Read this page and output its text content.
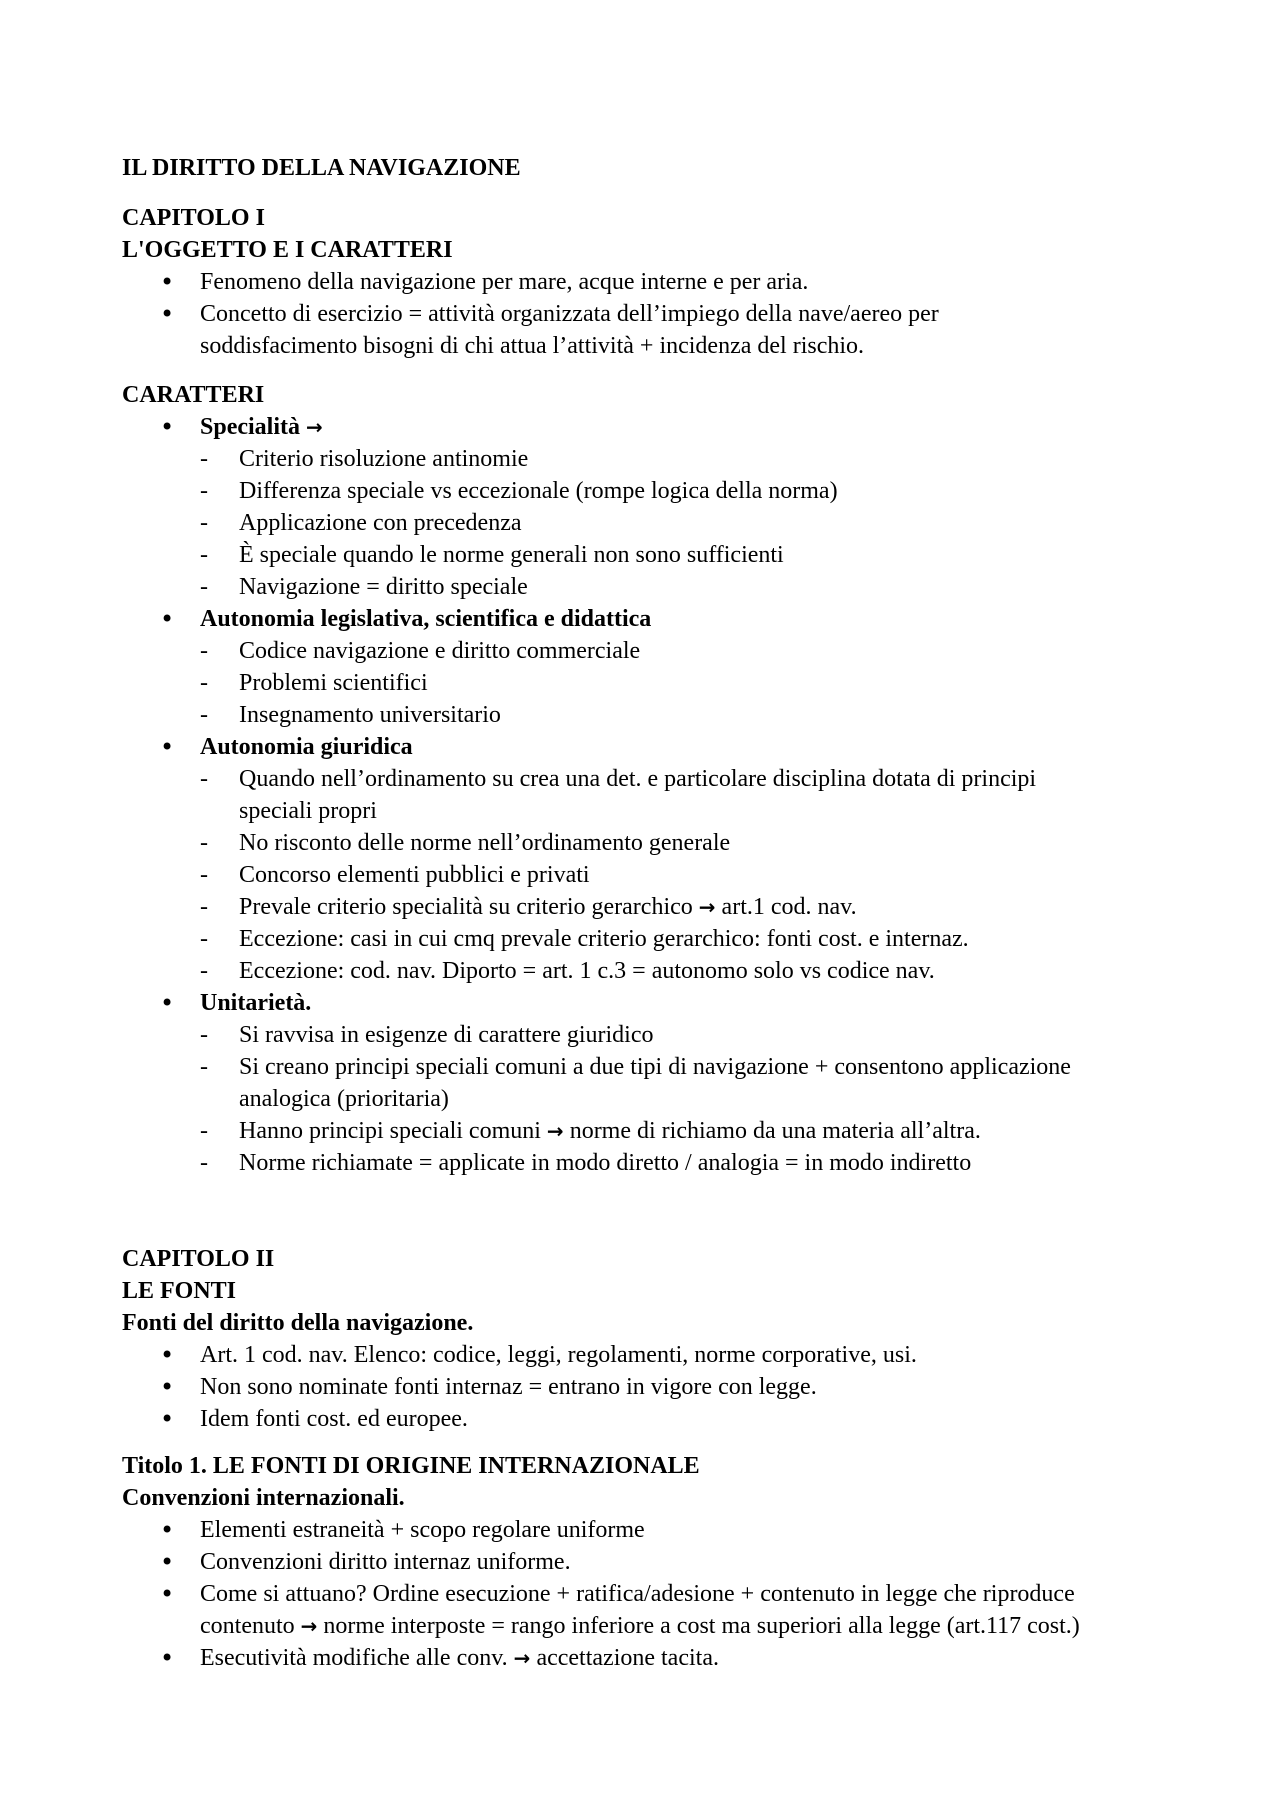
IL DIRITTO DELLA NAVIGAZIONE
CAPITOLO I
L'OGGETTO E I CARATTERI
• Fenomeno della navigazione per mare, acque interne e per aria.
• Concetto di esercizio = attività organizzata dell’impiego della nave/aereo per
soddisfacimento bisogni di chi attua l’attività + incidenza del rischio.
CARATTERI
• Specialità →
- Criterio risoluzione antinomie
- Differenza speciale vs eccezionale (rompe logica della norma)
- Applicazione con precedenza
- È speciale quando le norme generali non sono sufficienti
- Navigazione = diritto speciale
• Autonomia legislativa, scientifica e didattica
- Codice navigazione e diritto commerciale
- Problemi scientifici
- Insegnamento universitario
• Autonomia giuridica
- Quando nell’ordinamento su crea una det. e particolare disciplina dotata di principi
speciali propri
- No risconto delle norme nell’ordinamento generale
- Concorso elementi pubblici e privati
- Prevale criterio specialità su criterio gerarchico → art.1 cod. nav.
- Eccezione: casi in cui cmq prevale criterio gerarchico: fonti cost. e internaz.
- Eccezione: cod. nav. Diporto = art. 1 c.3 = autonomo solo vs codice nav.
• Unitarietà.
- Si ravvisa in esigenze di carattere giuridico
- Si creano principi speciali comuni a due tipi di navigazione + consentono applicazione
analogica (prioritaria)
- Hanno principi speciali comuni → norme di richiamo da una materia all’altra.
- Norme richiamate = applicate in modo diretto / analogia = in modo indiretto
CAPITOLO II
LE FONTI
Fonti del diritto della navigazione.
• Art. 1 cod. nav. Elenco: codice, leggi, regolamenti, norme corporative, usi.
• Non sono nominate fonti internaz = entrano in vigore con legge.
• Idem fonti cost. ed europee.
Titolo 1. LE FONTI DI ORIGINE INTERNAZIONALE
Convenzioni internazionali.
• Elementi estraneità + scopo regolare uniforme
• Convenzioni diritto internaz uniforme.
• Come si attuano? Ordine esecuzione + ratifica/adesione + contenuto in legge che riproduce
contenuto → norme interposte = rango inferiore a cost ma superiori alla legge (art.117 cost.)
• Esecutività modifiche alle conv. → accettazione tacita.
